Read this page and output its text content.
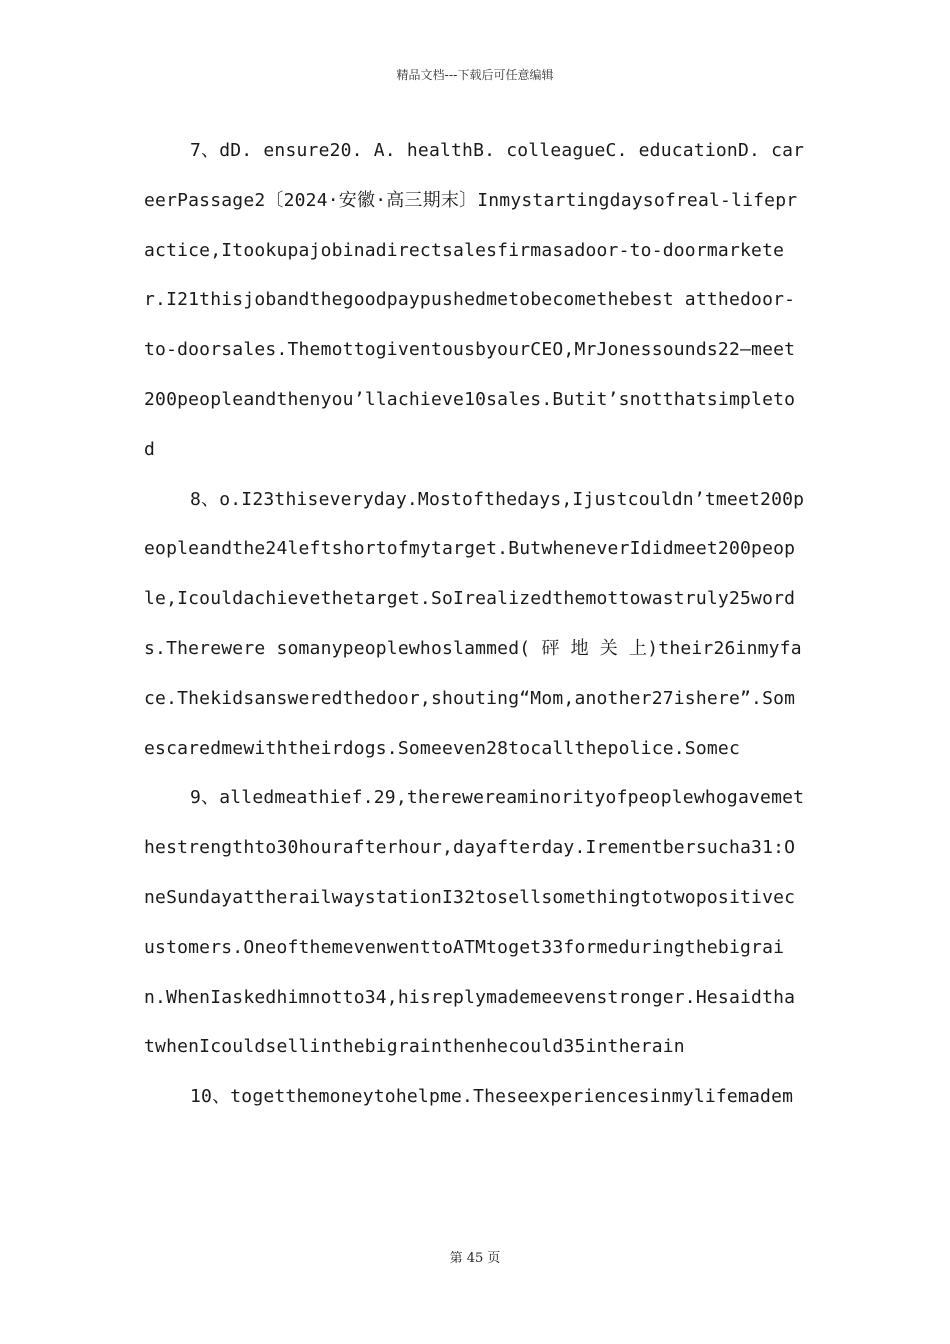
精品文档---下载后可任意编辑

7、dD. ensure20. A. healthB. colleagueC. educationD. careerPassage2〔2024·安徽·高三期末〕Inmystartingdaysofreal-lifepractice,Itookupajobinadirectsalesfirmasadoor-to-doormarketer.I21thisjobandthegoodpaypushedmetobecomethebest atthedoor-to-doorsales.ThemottogiventousbyourCEO,MrJonessounds22—meet200peopleandthenyou’llachieve10sales.Butit’snotthatsimpletod

8、o.I23thiseveryday.Mostofthedays,Ijustcouldn’tmeet200peopleandthe24leftshortofmytarget.ButwheneverIdidmeet200people,Icouldachievethetarget.SoIrealizedthemottowastruly25words.Therewere somanypeoplewhoslammed( 砰 地 关 上)their26inmyface.Thekidsansweredthedoor,shouting“Mom,another27ishere”.Somescaredmewiththeirdogs.Someeven28tocallthepolice.Somec

9、alledmeathief.29,therewereaminorityofpeoplewhogavemethestrengthto30hourafterhour,dayafterday.Irementbersucha31:OneSundayattherailwaystationI32tosellsomethingtotwopositivecustomers.OneofthemevenwenttoATMtoget33formeduringthebigrain.WhenIaskedhimnotto34,hisreplymademeevenstronger.HesaidthatwhenIcouldsellinthebigrainthenhecould35intherain

10、togetthemoneytohelpme.Theseexperiencesinmylifemadem

第 45 页
